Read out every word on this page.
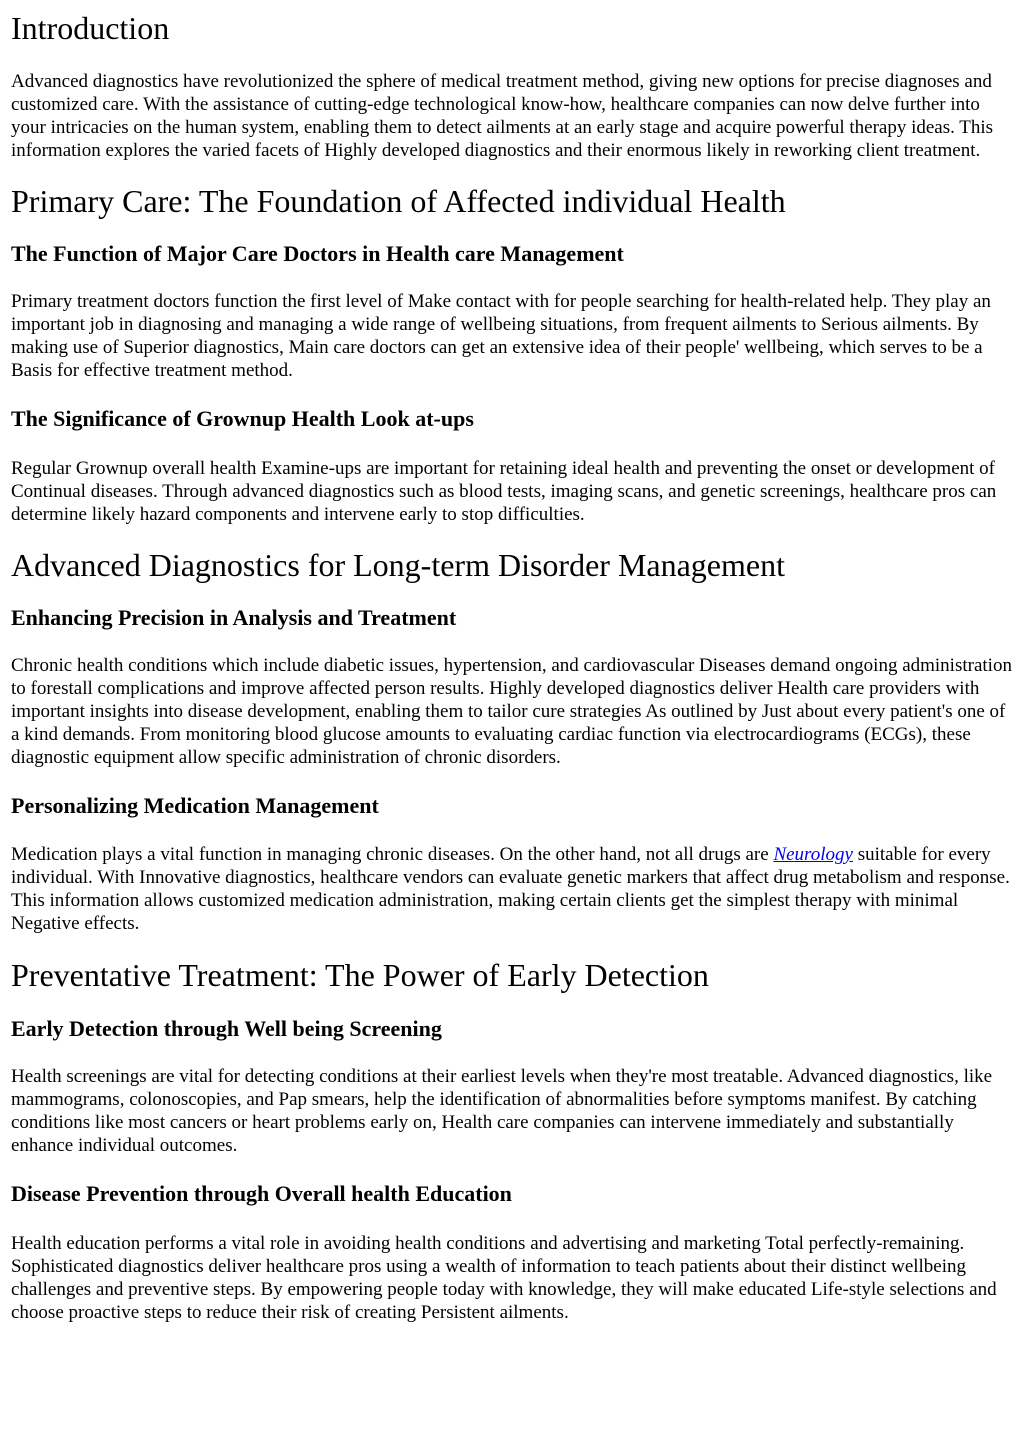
Introduction

Advanced diagnostics have revolutionized the sphere of medical treatment method, giving new options for precise diagnoses and customized care. With the assistance of cutting-edge technological know-how, healthcare companies can now delve further into your intricacies on the human system, enabling them to detect ailments at an early stage and acquire powerful therapy ideas. This information explores the varied facets of Highly developed diagnostics and their enormous likely in reworking client treatment.

Primary Care: The Foundation of Affected individual Health
The Function of Major Care Doctors in Health care Management

Primary treatment doctors function the first level of Make contact with for people searching for health-related help. They play an important job in diagnosing and managing a wide range of wellbeing situations, from frequent ailments to Serious ailments. By making use of Superior diagnostics, Main care doctors can get an extensive idea of their people' wellbeing, which serves to be a Basis for effective treatment method.

The Significance of Grownup Health Look at-ups

Regular Grownup overall health Examine-ups are important for retaining ideal health and preventing the onset or development of Continual diseases. Through advanced diagnostics such as blood tests, imaging scans, and genetic screenings, healthcare pros can determine likely hazard components and intervene early to stop difficulties.

Advanced Diagnostics for Long-term Disorder Management
Enhancing Precision in Analysis and Treatment

Chronic health conditions which include diabetic issues, hypertension, and cardiovascular Diseases demand ongoing administration to forestall complications and improve affected person results. Highly developed diagnostics deliver Health care providers with important insights into disease development, enabling them to tailor cure strategies As outlined by Just about every patient's one of a kind demands. From monitoring blood glucose amounts to evaluating cardiac function via electrocardiograms (ECGs), these diagnostic equipment allow specific administration of chronic disorders.

Personalizing Medication Management

Medication plays a vital function in managing chronic diseases. On the other hand, not all drugs are Neurology suitable for every individual. With Innovative diagnostics, healthcare vendors can evaluate genetic markers that affect drug metabolism and response. This information allows customized medication administration, making certain clients get the simplest therapy with minimal Negative effects.

Preventative Treatment: The Power of Early Detection
Early Detection through Well being Screening

Health screenings are vital for detecting conditions at their earliest levels when they're most treatable. Advanced diagnostics, like mammograms, colonoscopies, and Pap smears, help the identification of abnormalities before symptoms manifest. By catching conditions like most cancers or heart problems early on, Health care companies can intervene immediately and substantially enhance individual outcomes.

Disease Prevention through Overall health Education

Health education performs a vital role in avoiding health conditions and advertising and marketing Total perfectly-remaining. Sophisticated diagnostics deliver healthcare pros using a wealth of information to teach patients about their distinct wellbeing challenges and preventive steps. By empowering people today with knowledge, they will make educated Life-style selections and choose proactive steps to reduce their risk of creating Persistent ailments.
